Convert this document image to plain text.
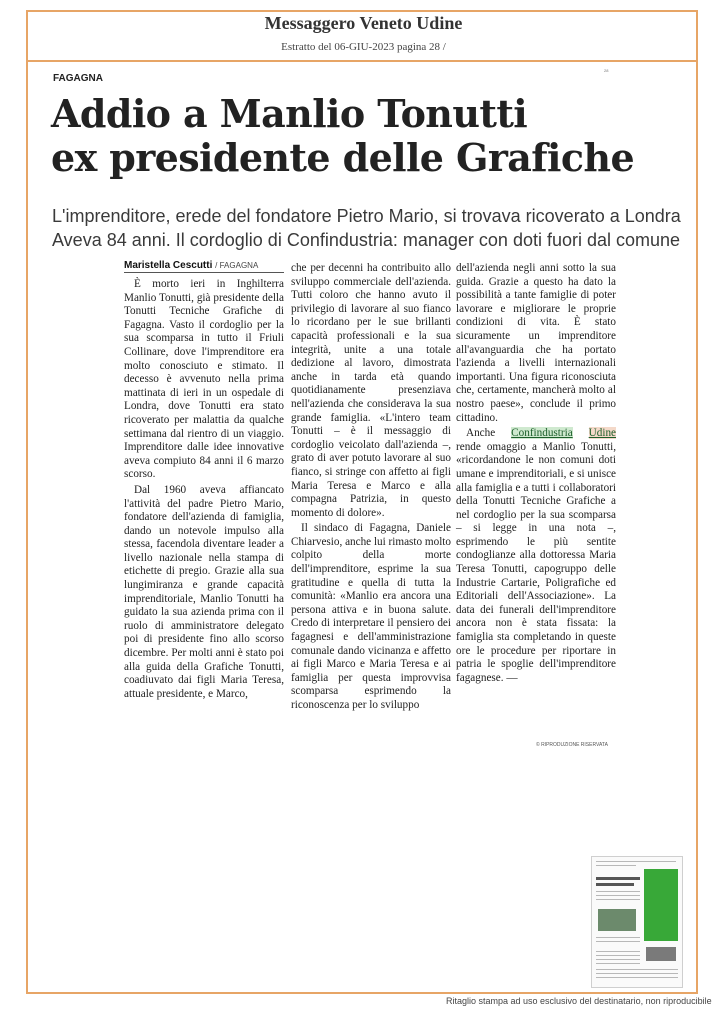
Messaggero Veneto Udine
Estratto del 06-GIU-2023 pagina 28 /
FAGAGNA
28
Addio a Manlio Tonutti
ex presidente delle Grafiche
L'imprenditore, erede del fondatore Pietro Mario, si trovava ricoverato a Londra
Aveva 84 anni. Il cordoglio di Confindustria: manager con doti fuori dal comune
Maristella Cescutti / FAGAGNA

È morto ieri in Inghilterra Manlio Tonutti, già presidente della Tonutti Tecniche Grafiche di Fagagna. Vasto il cordoglio per la sua scomparsa in tutto il Friuli Collinare, dove l'imprenditore era molto conosciuto e stimato. Il decesso è avvenuto nella prima mattinata di ieri in un ospedale di Londra, dove Tonutti era stato ricoverato per malattia da qualche settimana dal rientro di un viaggio. Imprenditore dalle idee innovative aveva compiuto 84 anni il 6 marzo scorso.

Dal 1960 aveva affiancato l'attività del padre Pietro Mario, fondatore dell'azienda di famiglia, dando un notevole impulso alla stessa, facendola diventare leader a livello nazionale nella stampa di etichette di pregio. Grazie alla sua lungimiranza e grande capacità imprenditoriale, Manlio Tonutti ha guidato la sua azienda prima con il ruolo di amministratore delegato poi di presidente fino allo scorso dicembre. Per molti anni è stato poi alla guida della Grafiche Tonutti, coadiuvato dai figli Maria Teresa, attuale presidente, e Marco,

che per decenni ha contribuito allo sviluppo commerciale dell'azienda. Tutti coloro che hanno avuto il privilegio di lavorare al suo fianco lo ricordano per le sue brillanti capacità professionali e la sua integrità, unite a una totale dedizione al lavoro, dimostrata anche in tarda età quando quotidianamente presenziava nell'azienda che considerava la sua grande famiglia. «L'intero team Tonutti – è il messaggio di cordoglio veicolato dall'azienda –, grato di aver potuto lavorare al suo fianco, si stringe con affetto ai figli Maria Teresa e Marco e alla compagna Patrizia, in questo momento di dolore».

Il sindaco di Fagagna, Daniele Chiarvesio, anche lui rimasto molto colpito della morte dell'imprenditore, esprime la sua gratitudine e quella di tutta la comunità: «Manlio era ancora una persona attiva e in buona salute. Credo di interpretare il pensiero dei fagagnesi e dell'amministrazione comunale dando vicinanza e affetto ai figli Marco e Maria Teresa e ai famiglia per questa improvvisa scomparsa esprimendo la riconoscenza per lo sviluppo

dell'azienda negli anni sotto la sua guida. Grazie a questo ha dato la possibilità a tante famiglie di poter lavorare e migliorare le proprie condizioni di vita. È stato sicuramente un imprenditore all'avanguardia che ha portato l'azienda a livelli internazionali importanti. Una figura riconosciuta che, certamente, mancherà molto al nostro paese», conclude il primo cittadino.

Anche Confindustria Udine rende omaggio a Manlio Tonutti, «ricordandone le non comuni doti umane e imprenditoriali, e si unisce alla famiglia e a tutti i collaboratori della Tonutti Tecniche Grafiche a nel cordoglio per la sua scomparsa – si legge in una nota –, esprimendo le più sentite condoglianze alla dottoressa Maria Teresa Tonutti, capogruppo delle Industrie Cartarie, Poligrafiche ed Editoriali dell'Associazione». La data dei funerali dell'imprenditore ancora non è stata fissata: la famiglia sta completando in queste ore le procedure per riportare in patria le spoglie dell'imprenditore fagagnese. —

© RIPRODUZIONE RISERVATA
Ritaglio stampa ad uso esclusivo del destinatario, non riproducibile
